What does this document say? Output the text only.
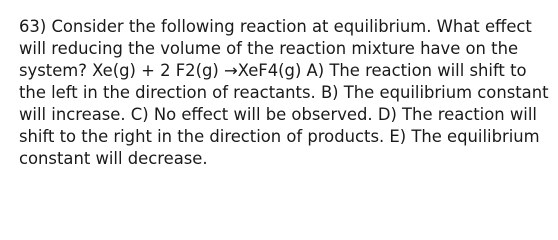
63) Consider the following reaction at equilibrium. What effect
will reducing the volume of the reaction mixture have on the
system? Xe(g) + 2 F2(g) →XeF4(g) A) The reaction will shift to
the left in the direction of reactants. B) The equilibrium constant
will increase. C) No effect will be observed. D) The reaction will
shift to the right in the direction of products. E) The equilibrium
constant will decrease.
